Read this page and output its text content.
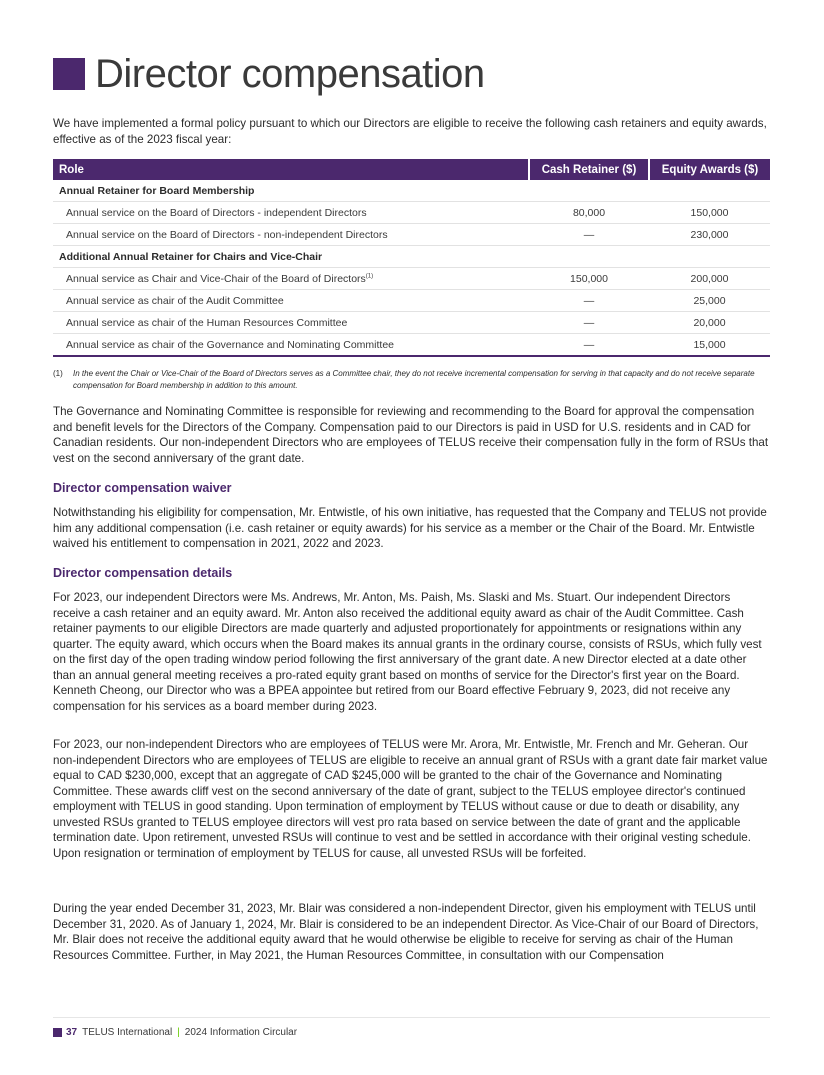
Director compensation

We have implemented a formal policy pursuant to which our Directors are eligible to receive the following cash retainers and equity awards, effective as of the 2023 fiscal year:

Role	Cash Retainer ($)	Equity Awards ($)
Annual Retainer for Board Membership		
Annual service on the Board of Directors - independent Directors	80,000	150,000
Annual service on the Board of Directors - non-independent Directors	—	230,000
Additional Annual Retainer for Chairs and Vice-Chair		
Annual service as Chair and Vice-Chair of the Board of Directors$^{(1)}$	150,000	200,000
Annual service as chair of the Audit Committee	—	25,000
Annual service as chair of the Human Resources Committee	—	20,000
Annual service as chair of the Governance and Nominating Committee	—	15,000
(1)	In the event the Chair or Vice-Chair of the Board of Directors serves as a Committee chair, they do not receive incremental compensation for serving in that capacity and do not receive separate compensation for Board membership in addition to this amount.

The Governance and Nominating Committee is responsible for reviewing and recommending to the Board for approval the compensation and benefit levels for the Directors of the Company. Compensation paid to our Directors is paid in USD for U.S. residents and in CAD for Canadian residents. Our non-independent Directors who are employees of TELUS receive their compensation fully in the form of RSUs that vest on the second anniversary of the grant date.

Director compensation waiver

Notwithstanding his eligibility for compensation, Mr. Entwistle, of his own initiative, has requested that the Company and TELUS not provide him any additional compensation (i.e. cash retainer or equity awards) for his service as a member or the Chair of the Board. Mr. Entwistle waived his entitlement to compensation in 2021, 2022 and 2023.

Director compensation details

For 2023, our independent Directors were Ms. Andrews, Mr. Anton, Ms. Paish, Ms. Slaski and Ms. Stuart. Our independent Directors receive a cash retainer and an equity award. Mr. Anton also received the additional equity award as chair of the Audit Committee. Cash retainer payments to our eligible Directors are made quarterly and adjusted proportionately for appointments or resignations within any quarter. The equity award, which occurs when the Board makes its annual grants in the ordinary course, consists of RSUs, which fully vest on the first day of the open trading window period following the first anniversary of the grant date. A new Director elected at a date other than an annual general meeting receives a pro-rated equity grant based on months of service for the Director's first year on the Board. Kenneth Cheong, our Director who was a BPEA appointee but retired from our Board effective February 9, 2023, did not receive any compensation for his services as a board member during 2023.

For 2023, our non-independent Directors who are employees of TELUS were Mr. Arora, Mr. Entwistle, Mr. French and Mr. Geheran. Our non-independent Directors who are employees of TELUS are eligible to receive an annual grant of RSUs with a grant date fair market value equal to CAD $230,000, except that an aggregate of CAD $245,000 will be granted to the chair of the Governance and Nominating Committee. These awards cliff vest on the second anniversary of the date of grant, subject to the TELUS employee director's continued employment with TELUS in good standing. Upon termination of employment by TELUS without cause or due to death or disability, any unvested RSUs granted to TELUS employee directors will vest pro rata based on service between the date of grant and the applicable termination date. Upon retirement, unvested RSUs will continue to vest and be settled in accordance with their original vesting schedule. Upon resignation or termination of employment by TELUS for cause, all unvested RSUs will be forfeited.

During the year ended December 31, 2023, Mr. Blair was considered a non-independent Director, given his employment with TELUS until December 31, 2020. As of January 1, 2024, Mr. Blair is considered to be an independent Director. As Vice-Chair of our Board of Directors, Mr. Blair does not receive the additional equity award that he would otherwise be eligible to receive for serving as chair of the Human Resources Committee. Further, in May 2021, the Human Resources Committee, in consultation with our Compensation

37 TELUS International | 2024 Information Circular
